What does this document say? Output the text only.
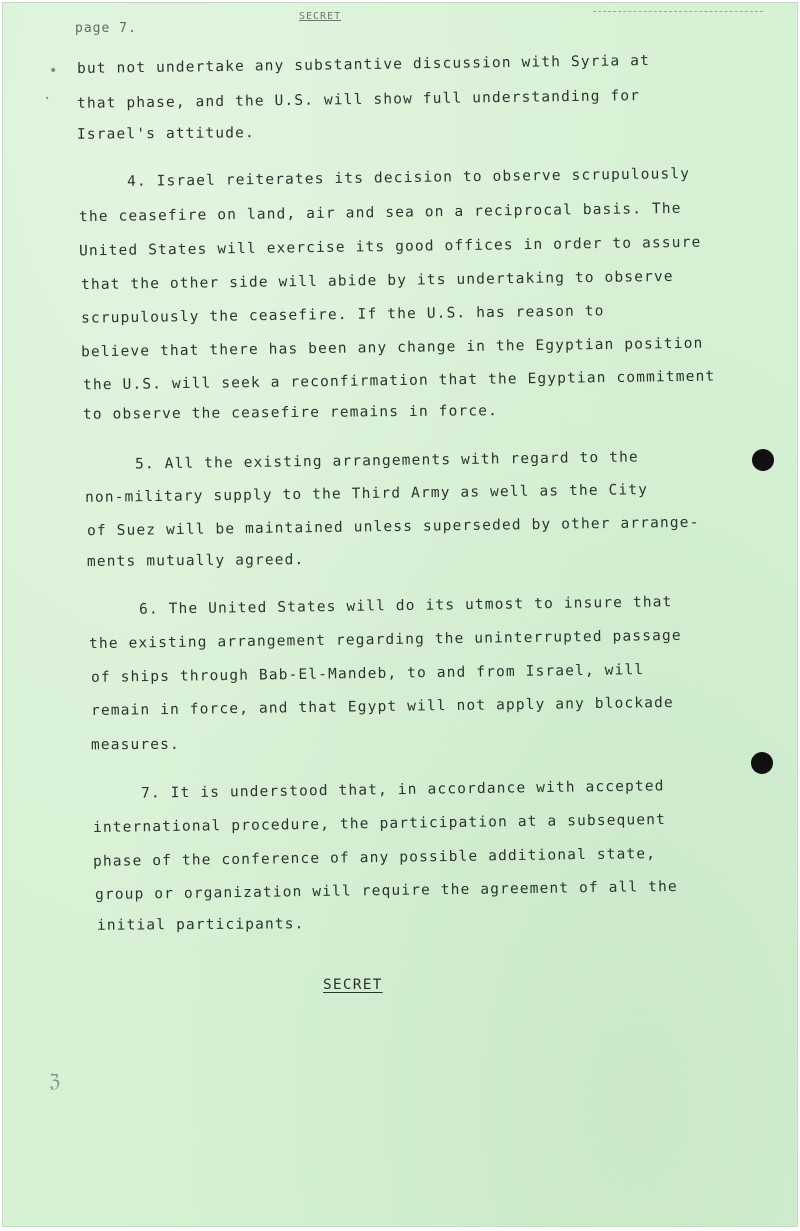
SECRET
page 7.
•
·
but not undertake any substantive discussion with Syria at
that phase, and the U.S. will show full understanding for
Israel's attitude.
4. Israel reiterates its decision to observe scrupulously
the ceasefire on land, air and sea on a reciprocal basis. The
United States will exercise its good offices in order to assure
that the other side will abide by its undertaking to observe
scrupulously the ceasefire. If the U.S. has reason to
believe that there has been any change in the Egyptian position
the U.S. will seek a reconfirmation that the Egyptian commitment
to observe the ceasefire remains in force.
5. All the existing arrangements with regard to the
non-military supply to the Third Army as well as the City
of Suez will be maintained unless superseded by other arrange-
ments mutually agreed.
6. The United States will do its utmost to insure that
the existing arrangement regarding the uninterrupted passage
of ships through Bab-El-Mandeb, to and from Israel, will
remain in force, and that Egypt will not apply any blockade
measures.
7. It is understood that, in accordance with accepted
international procedure, the participation at a subsequent
phase of the conference of any possible additional state,
group or organization will require the agreement of all the
initial participants.
SECRET
ℨ
